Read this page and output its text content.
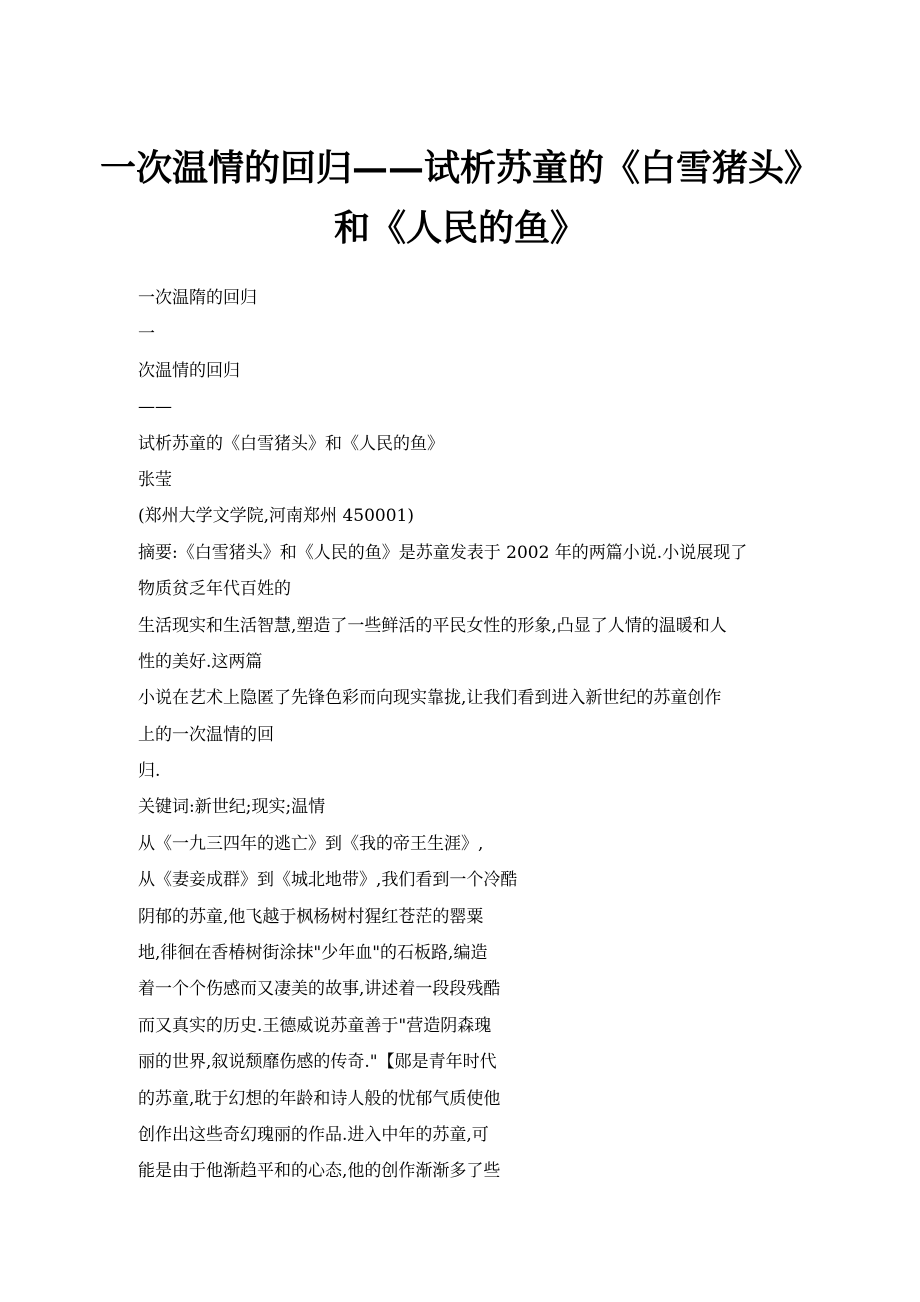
一次温情的回归——试析苏童的《白雪猪头》
和《人民的鱼》
一次温隋的回归
一
次温情的回归
——
试析苏童的《白雪猪头》和《人民的鱼》
张莹
(郑州大学文学院,河南郑州 450001)
摘要:《白雪猪头》和《人民的鱼》是苏童发表于 2002 年的两篇小说.小说展现了
物质贫乏年代百姓的
生活现实和生活智慧,塑造了一些鲜活的平民女性的形象,凸显了人情的温暖和人
性的美好.这两篇
小说在艺术上隐匿了先锋色彩而向现实靠拢,让我们看到进入新世纪的苏童创作
上的一次温情的回
归.
关键词:新世纪;现实;温情
从《一九三四年的逃亡》到《我的帝王生涯》,
从《妻妾成群》到《城北地带》,我们看到一个冷酷
阴郁的苏童,他飞越于枫杨树村猩红苍茫的罂粟
地,徘徊在香椿树街涂抹"少年血"的石板路,编造
着一个个伤感而又凄美的故事,讲述着一段段残酷
而又真实的历史.王德威说苏童善于"营造阴森瑰
丽的世界,叙说颓靡伤感的传奇."【郧是青年时代
的苏童,耽于幻想的年龄和诗人般的忧郁气质使他
创作出这些奇幻瑰丽的作品.进入中年的苏童,可
能是由于他渐趋平和的心态,他的创作渐渐多了些
